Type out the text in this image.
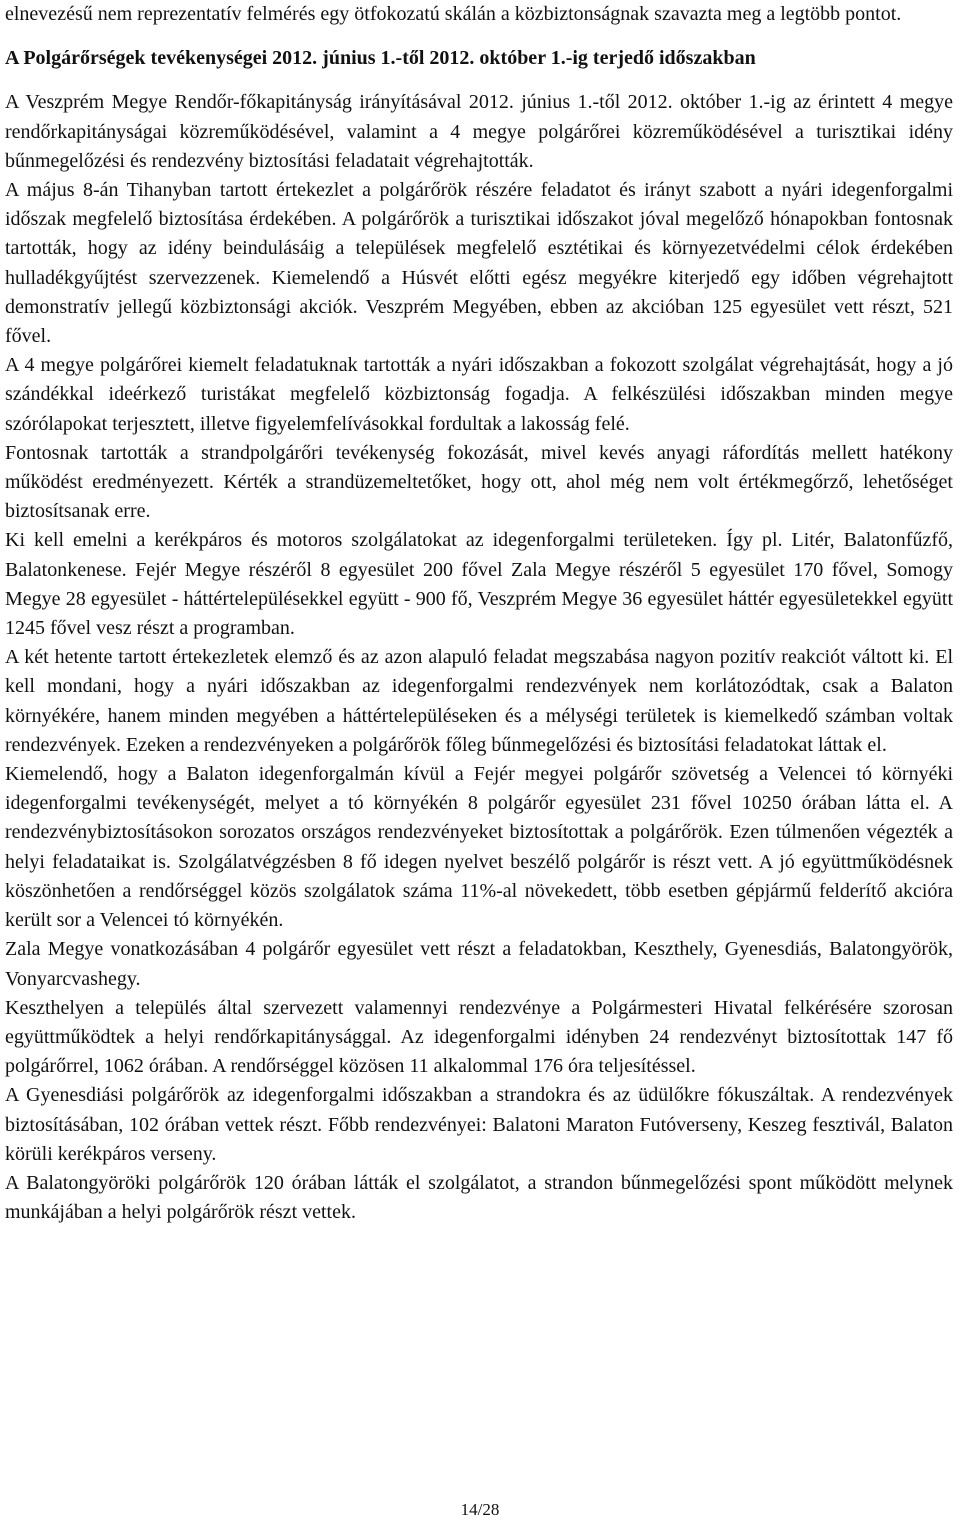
elnevezésű nem reprezentatív felmérés egy ötfokozatú skálán a közbiztonságnak szavazta meg a legtöbb pontot.

A Polgárőrségek tevékenységei 2012. június 1.-től 2012. október 1.-ig terjedő időszakban

A Veszprém Megye Rendőr-főkapitányság irányításával 2012. június 1.-től 2012. október 1.-ig az érintett 4 megye rendőrkapitányságai közreműködésével, valamint a 4 megye polgárőrei közreműködésével a turisztikai idény bűnmegelőzési és rendezvény biztosítási feladatait végrehajtották.

A május 8-án Tihanyban tartott értekezlet a polgárőrök részére feladatot és irányt szabott a nyári idegenforgalmi időszak megfelelő biztosítása érdekében. A polgárőrök a turisztikai időszakot jóval megelőző hónapokban fontosnak tartották, hogy az idény beindulásáig a települések megfelelő esztétikai és környezetvédelmi célok érdekében hulladékgyűjtést szervezzenek. Kiemelendő a Húsvét előtti egész megyékre kiterjedő egy időben végrehajtott demonstratív jellegű közbiztonsági akciók. Veszprém Megyében, ebben az akcióban 125 egyesület vett részt, 521 fővel.

A 4 megye polgárőrei kiemelt feladatuknak tartották a nyári időszakban a fokozott szolgálat végrehajtását, hogy a jó szándékkal ideérkező turistákat megfelelő közbiztonság fogadja. A felkészülési időszakban minden megye szórólapokat terjesztett, illetve figyelemfelívásokkal fordultak a lakosság felé.

Fontosnak tartották a strandpolgárőri tevékenység fokozását, mivel kevés anyagi ráfordítás mellett hatékony működést eredményezett. Kérték a strandüzemeltetőket, hogy ott, ahol még nem volt értékmegőrző, lehetőséget biztosítsanak erre.

Ki kell emelni a kerékpáros és motoros szolgálatokat az idegenforgalmi területeken. Így pl. Litér, Balatonfűzfő, Balatonkenese. Fejér Megye részéről 8 egyesület 200 fővel Zala Megye részéről 5 egyesület 170 fővel, Somogy Megye 28 egyesület - háttértelepülésekkel együtt - 900 fő, Veszprém Megye 36 egyesület háttér egyesületekkel együtt 1245 fővel vesz részt a programban.

A két hetente tartott értekezletek elemző és az azon alapuló feladat megszabása nagyon pozitív reakciót váltott ki. El kell mondani, hogy a nyári időszakban az idegenforgalmi rendezvények nem korlátozódtak, csak a Balaton környékére, hanem minden megyében a háttértelepüléseken és a mélységi területek is kiemelkedő számban voltak rendezvények. Ezeken a rendezvényeken a polgárőrök főleg bűnmegelőzési és biztosítási feladatokat láttak el.

Kiemelendő, hogy a Balaton idegenforgalmán kívül a Fejér megyei polgárőr szövetség a Velencei tó környéki idegenforgalmi tevékenységét, melyet a tó környékén 8 polgárőr egyesület 231 fővel 10250 órában látta el. A rendezvénybiztosításokon sorozatos országos rendezvényeket biztosítottak a polgárőrök. Ezen túlmenően végezték a helyi feladataikat is. Szolgálatvégzésben 8 fő idegen nyelvet beszélő polgárőr is részt vett. A jó együttműködésnek köszönhetően a rendőrséggel közös szolgálatok száma 11%-al növekedett, több esetben gépjármű felderítő akcióra került sor a Velencei tó környékén.

Zala Megye vonatkozásában 4 polgárőr egyesület vett részt a feladatokban, Keszthely, Gyenesdiás, Balatongyörök, Vonyarcvashegy.

Keszthelyen a település által szervezett valamennyi rendezvénye a Polgármesteri Hivatal felkérésére szorosan együttműködtek a helyi rendőrkapitánysággal. Az idegenforgalmi idényben 24 rendezvényt biztosítottak 147 fő polgárőrrel, 1062 órában. A rendőrséggel közösen 11 alkalommal 176 óra teljesítéssel.

A Gyenesdiási polgárőrök az idegenforgalmi időszakban a strandokra és az üdülőkre fókuszáltak. A rendezvények biztosításában, 102 órában vettek részt. Főbb rendezvényei: Balatoni Maraton Futóverseny, Keszeg fesztivál, Balaton körüli kerékpáros verseny.

A Balatongyöröki polgárőrök 120 órában látták el szolgálatot, a strandon bűnmegelőzési spont működött melynek munkájában a helyi polgárőrök részt vettek.

14/28
